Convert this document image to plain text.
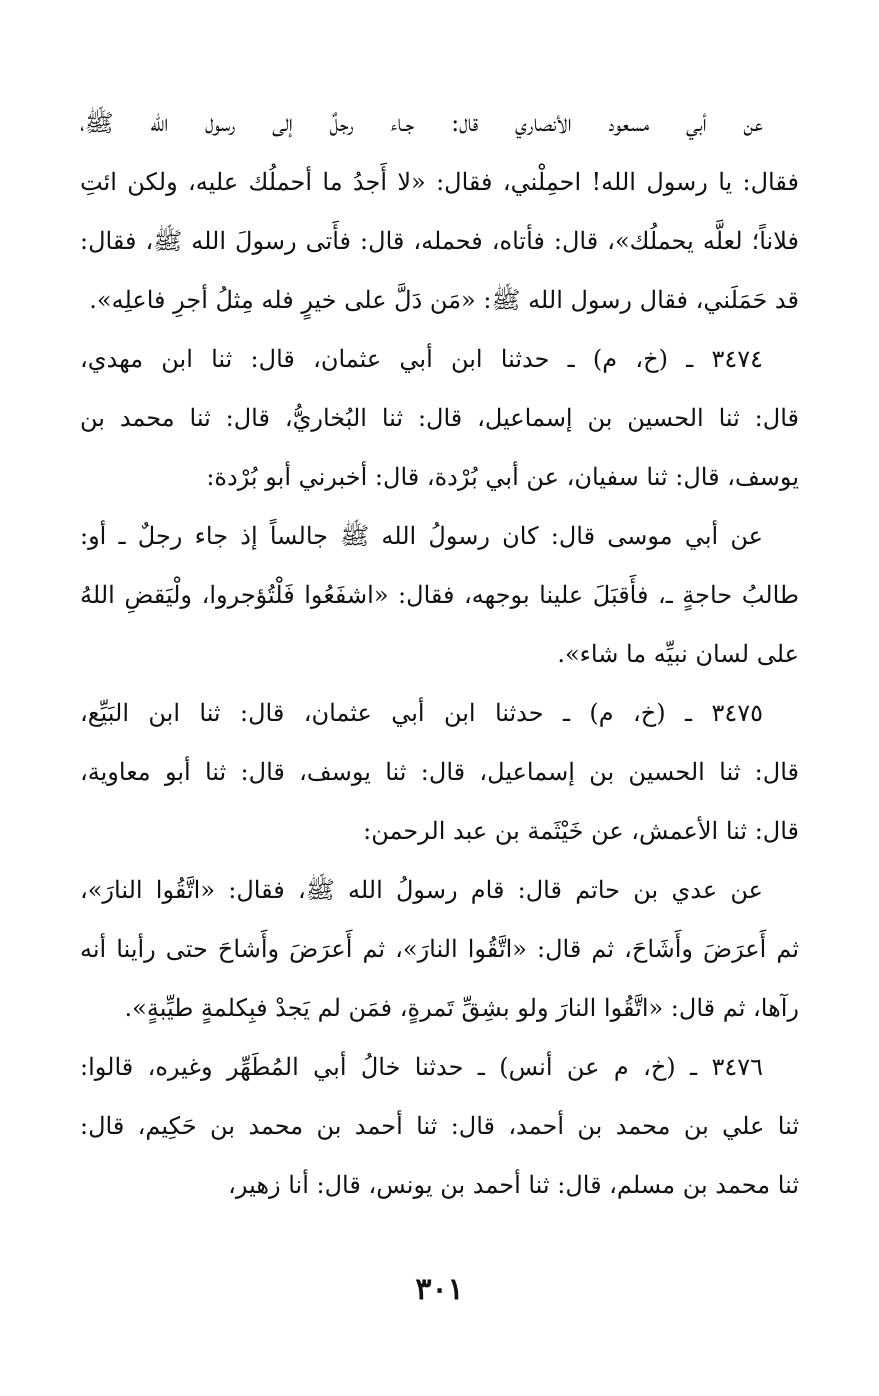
عن أبي مسعود الأنصاري قال: جـاء رجلٌ إلى رسول الله ﷺ،
فقال: يا رسول الله! احمِلْني، فقال: «لا أَجدُ ما أحملُك عليه، ولكن ائتِ
فلاناً؛ لعلَّه يحملُك»، قال: فأتاه، فحمله، قال: فأَتى رسولَ الله ﷺ، فقال:
قد حَمَلَني، فقال رسول الله ﷺ: «مَن دَلَّ على خيرٍ فله مِثلُ أجرِ فاعلِه».
٣٤٧٤ ـ (خ، م) ـ حدثنا ابن أبي عثمان، قال: ثنا ابن مهدي،
قال: ثنا الحسين بن إسماعيل، قال: ثنا البُخاريُّ، قال: ثنا محمد بن
يوسف، قال: ثنا سفيان، عن أبي بُرْدة، قال: أخبرني أبو بُرْدة:
عن أبي موسى قال: كان رسولُ الله ﷺ جالساً إذ جاء رجلٌ ـ أو:
طالبُ حاجةٍ ـ، فأَقبَلَ علينا بوجهه، فقال: «اشفَعُوا فَلْتُؤجروا، ولْيَقضِ اللهُ
على لسان نبيِّه ما شاء».
٣٤٧٥ ـ (خ، م) ـ حدثنا ابن أبي عثمان، قال: ثنا ابن البَيِّع،
قال: ثنا الحسين بن إسماعيل، قال: ثنا يوسف، قال: ثنا أبو معاوية،
قال: ثنا الأعمش، عن خَيْثَمة بن عبد الرحمن:
عن عدي بن حاتم قال: قام رسولُ الله ﷺ، فقال: «اتَّقُوا النارَ»،
ثم أَعرَضَ وأَشَاحَ، ثم قال: «اتَّقُوا النارَ»، ثم أَعرَضَ وأَشاحَ حتى رأينا أنه
رآها، ثم قال: «اتَّقُوا النارَ ولو بشِقِّ تَمرةٍ، فمَن لم يَجدْ فبِكلمةٍ طيِّبةٍ».
٣٤٧٦ ـ (خ، م عن أنس) ـ حدثنا خالُ أبي المُطَهِّر وغيره، قالوا:
ثنا علي بن محمد بن أحمد، قال: ثنا أحمد بن محمد بن حَكِيم، قال:
ثنا محمد بن مسلم، قال: ثنا أحمد بن يونس، قال: أنا زهير،
٣٠١
